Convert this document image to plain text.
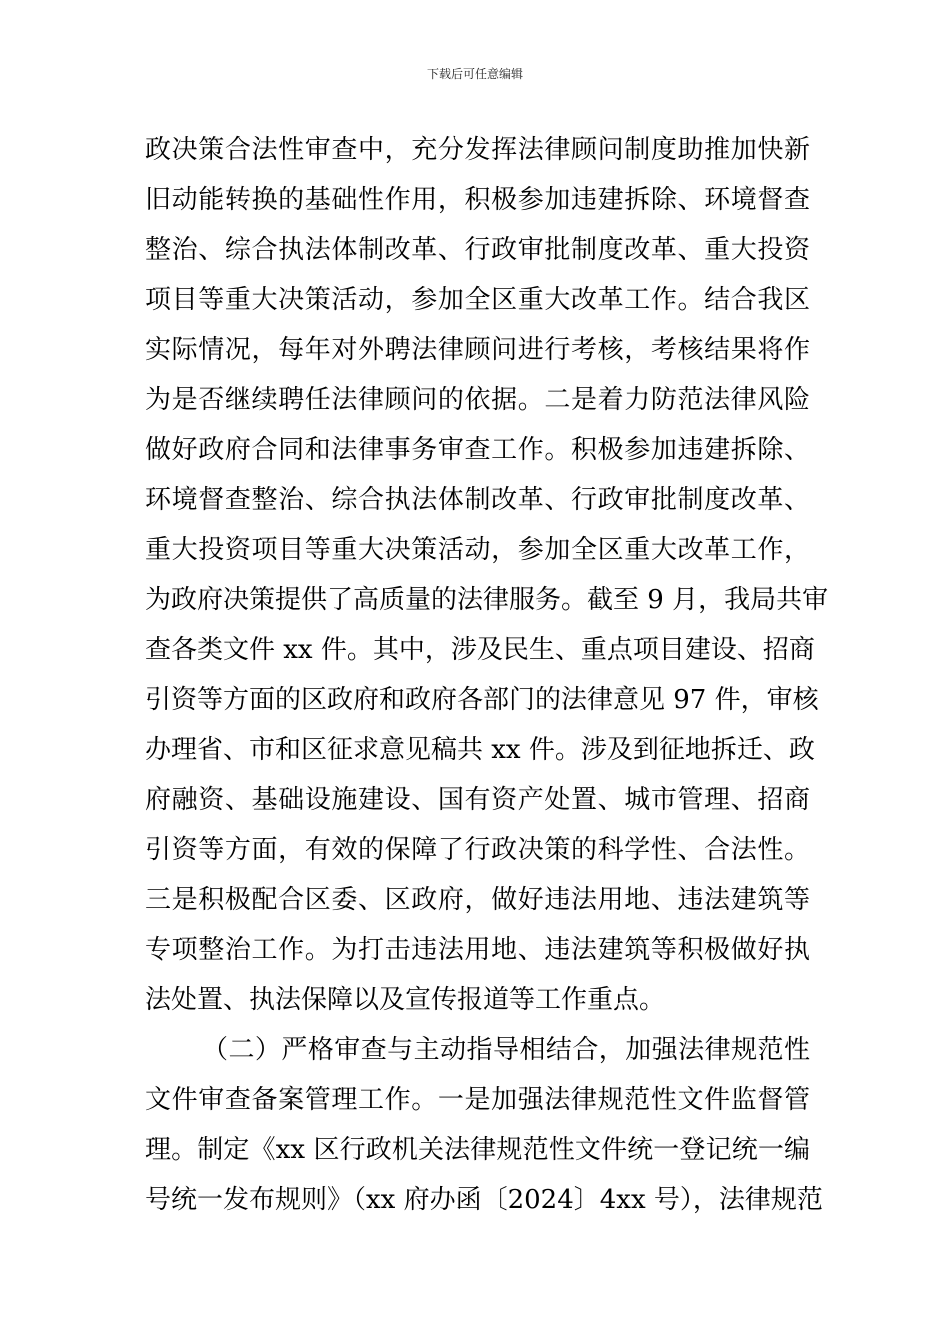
下载后可任意编辑
政决策合法性审查中，充分发挥法律顾问制度助推加快新
旧动能转换的基础性作用，积极参加违建拆除、环境督查
整治、综合执法体制改革、行政审批制度改革、重大投资
项目等重大决策活动，参加全区重大改革工作。结合我区
实际情况，每年对外聘法律顾问进行考核，考核结果将作
为是否继续聘任法律顾问的依据。二是着力防范法律风险
做好政府合同和法律事务审查工作。积极参加违建拆除、
环境督查整治、综合执法体制改革、行政审批制度改革、
重大投资项目等重大决策活动，参加全区重大改革工作，
为政府决策提供了高质量的法律服务。截至 9 月，我局共审
查各类文件 xx 件。其中，涉及民生、重点项目建设、招商
引资等方面的区政府和政府各部门的法律意见 97 件，审核
办理省、市和区征求意见稿共 xx 件。涉及到征地拆迁、政
府融资、基础设施建设、国有资产处置、城市管理、招商
引资等方面，有效的保障了行政决策的科学性、合法性。
三是积极配合区委、区政府，做好违法用地、违法建筑等
专项整治工作。为打击违法用地、违法建筑等积极做好执
法处置、执法保障以及宣传报道等工作重点。
（二）严格审查与主动指导相结合，加强法律规范性
文件审查备案管理工作。一是加强法律规范性文件监督管
理。制定《xx 区行政机关法律规范性文件统一登记统一编
号统一发布规则》（xx 府办函〔2024〕4xx 号），法律规范
